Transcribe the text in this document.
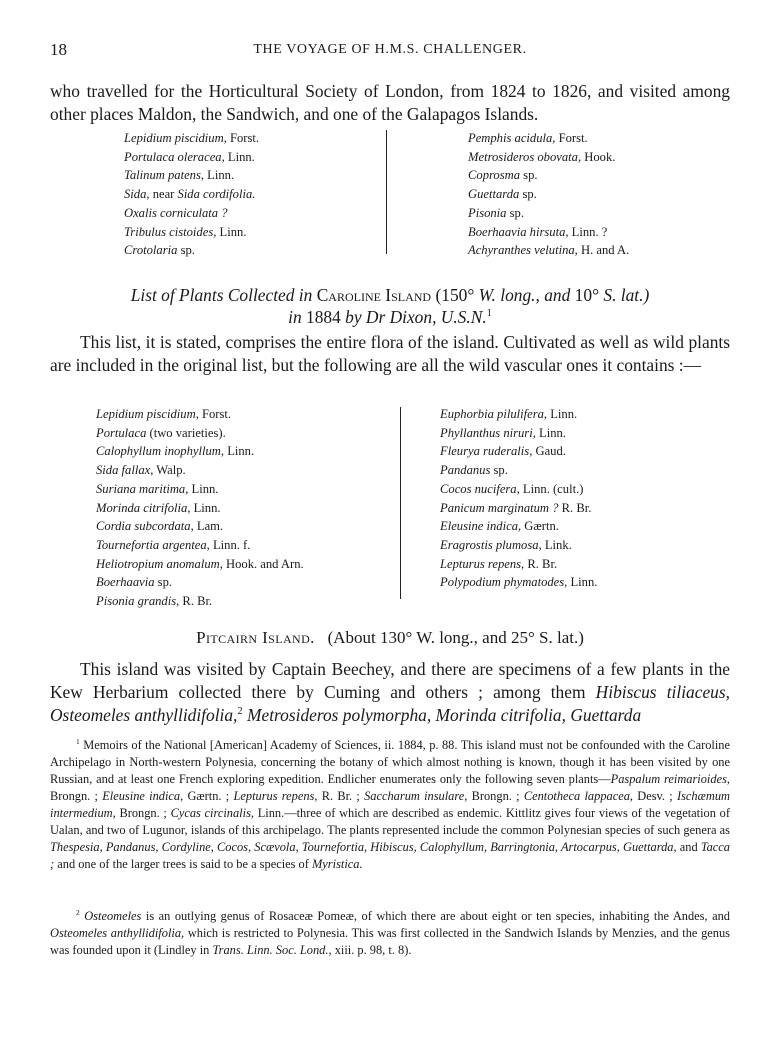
18	THE VOYAGE OF H.M.S. CHALLENGER.
who travelled for the Horticultural Society of London, from 1824 to 1826, and visited among other places Maldon, the Sandwich, and one of the Galapagos Islands.
Lepidium piscidium, Forst.
Portulaca oleracea, Linn.
Talinum patens, Linn.
Sida, near Sida cordifolia.
Oxalis corniculata ?
Tribulus cistoides, Linn.
Crotolaria sp.
Pemphis acidula, Forst.
Metrosideros obovata, Hook.
Coprosma sp.
Guettarda sp.
Pisonia sp.
Boerhaavia hirsuta, Linn. ?
Achyranthes velutina, H. and A.
List of Plants Collected in Caroline Island (150° W. long., and 10° S. lat.)
in 1884 by Dr Dixon, U.S.N.$^1$
This list, it is stated, comprises the entire flora of the island. Cultivated as well as wild plants are included in the original list, but the following are all the wild vascular ones it contains :—
Lepidium piscidium, Forst.
Portulaca (two varieties).
Calophyllum inophyllum, Linn.
Sida fallax, Walp.
Suriana maritima, Linn.
Morinda citrifolia, Linn.
Cordia subcordata, Lam.
Tournefortia argentea, Linn. f.
Heliotropium anomalum, Hook. and Arn.
Boerhaavia sp.
Pisonia grandis, R. Br.
Euphorbia pilulifera, Linn.
Phyllanthus niruri, Linn.
Fleurya ruderalis, Gaud.
Pandanus sp.
Cocos nucifera, Linn. (cult.)
Panicum marginatum ? R. Br.
Eleusine indica, Gærtn.
Eragrostis plumosa, Link.
Lepturus repens, R. Br.
Polypodium phymatodes, Linn.
Pitcairn Island. (About 130° W. long., and 25° S. lat.)
This island was visited by Captain Beechey, and there are specimens of a few plants in the Kew Herbarium collected there by Cuming and others ; among them Hibiscus tiliaceus, Osteomeles anthyllidifolia,$^2$ Metrosideros polymorpha, Morinda citrifolia, Guettarda
$^1$ Memoirs of the National [American] Academy of Sciences, ii. 1884, p. 88. This island must not be confounded with the Caroline Archipelago in North-western Polynesia, concerning the botany of which almost nothing is known, though it has been visited by one Russian, and at least one French exploring expedition. Endlicher enumerates only the following seven plants—Paspalum reimarioides, Brongn. ; Eleusine indica, Gærtn. ; Lepturus repens, R. Br. ; Saccharum insulare, Brongn. ; Centotheca lappacea, Desv. ; Ischæmum intermedium, Brongn. ; Cycas circinalis, Linn.—three of which are described as endemic. Kittlitz gives four views of the vegetation of Ualan, and two of Lugunor, islands of this archipelago. The plants represented include the common Polynesian species of such genera as Thespesia, Pandanus, Cordyline, Cocos, Scævola, Tournefortia, Hibiscus, Calophyllum, Barringtonia, Artocarpus, Guettarda, and Tacca ; and one of the larger trees is said to be a species of Myristica.
$^2$ Osteomeles is an outlying genus of Rosaceæ Pomeæ, of which there are about eight or ten species, inhabiting the Andes, and Osteomeles anthyllidifolia, which is restricted to Polynesia. This was first collected in the Sandwich Islands by Menzies, and the genus was founded upon it (Lindley in Trans. Linn. Soc. Lond., xiii. p. 98, t. 8).
